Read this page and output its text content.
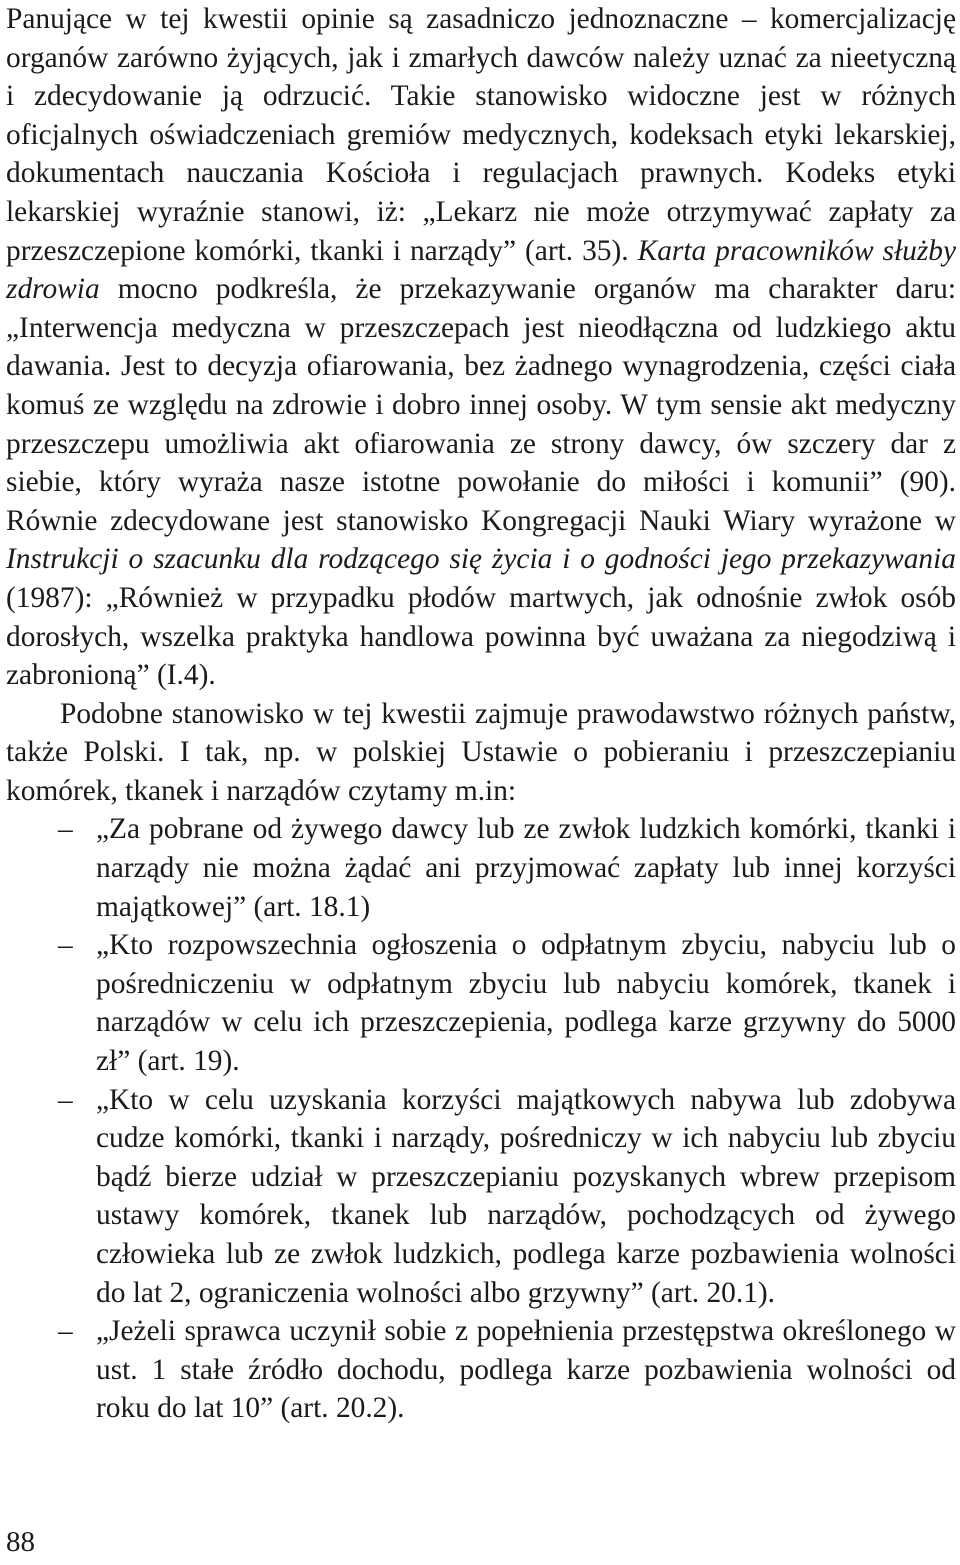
Panujące w tej kwestii opinie są zasadniczo jednoznaczne – komercjalizację organów zarówno żyjących, jak i zmarłych dawców należy uznać za nieetyczną i zdecydowanie ją odrzucić. Takie stanowisko widoczne jest w różnych oficjalnych oświadczeniach gremiów medycznych, kodeksach etyki lekarskiej, dokumentach nauczania Kościoła i regulacjach prawnych. Kodeks etyki lekarskiej wyraźnie stanowi, iż: „Lekarz nie może otrzymywać zapłaty za przeszczepione komórki, tkanki i narządy” (art. 35). Karta pracowników służby zdrowia mocno podkreśla, że przekazywanie organów ma charakter daru: „Interwencja medyczna w przeszczepach jest nieodłączna od ludzkiego aktu dawania. Jest to decyzja ofiarowania, bez żadnego wynagrodzenia, części ciała komuś ze względu na zdrowie i dobro innej osoby. W tym sensie akt medyczny przeszczepu umożliwia akt ofiarowania ze strony dawcy, ów szczery dar z siebie, który wyraża nasze istotne powołanie do miłości i komunii” (90). Równie zdecydowane jest stanowisko Kongregacji Nauki Wiary wyrażone w Instrukcji o szacunku dla rodzącego się życia i o godności jego przekazywania (1987): „Również w przypadku płodów martwych, jak odnośnie zwłok osób dorosłych, wszelka praktyka handlowa powinna być uważana za niegodziwą i zabronioną” (I.4).

Podobne stanowisko w tej kwestii zajmuje prawodawstwo różnych państw, także Polski. I tak, np. w polskiej Ustawie o pobieraniu i przeszczepianiu komórek, tkanek i narządów czytamy m.in:

– „Za pobrane od żywego dawcy lub ze zwłok ludzkich komórki, tkanki i narządy nie można żądać ani przyjmować zapłaty lub innej korzyści majątkowej” (art. 18.1)
– „Kto rozpowszechnia ogłoszenia o odpłatnym zbyciu, nabyciu lub o pośredniczeniu w odpłatnym zbyciu lub nabyciu komórek, tkanek i narządów w celu ich przeszczepienia, podlega karze grzywny do 5000 zł” (art. 19).
– „Kto w celu uzyskania korzyści majątkowych nabywa lub zdobywa cudze komórki, tkanki i narządy, pośredniczy w ich nabyciu lub zbyciu bądź bierze udział w przeszczepianiu pozyskanych wbrew przepisom ustawy komórek, tkanek lub narządów, pochodzących od żywego człowieka lub ze zwłok ludzkich, podlega karze pozbawienia wolności do lat 2, ograniczenia wolności albo grzywny” (art. 20.1).
– „Jeżeli sprawca uczynił sobie z popełnienia przestępstwa określonego w ust. 1 stałe źródło dochodu, podlega karze pozbawienia wolności od roku do lat 10” (art. 20.2).
88
